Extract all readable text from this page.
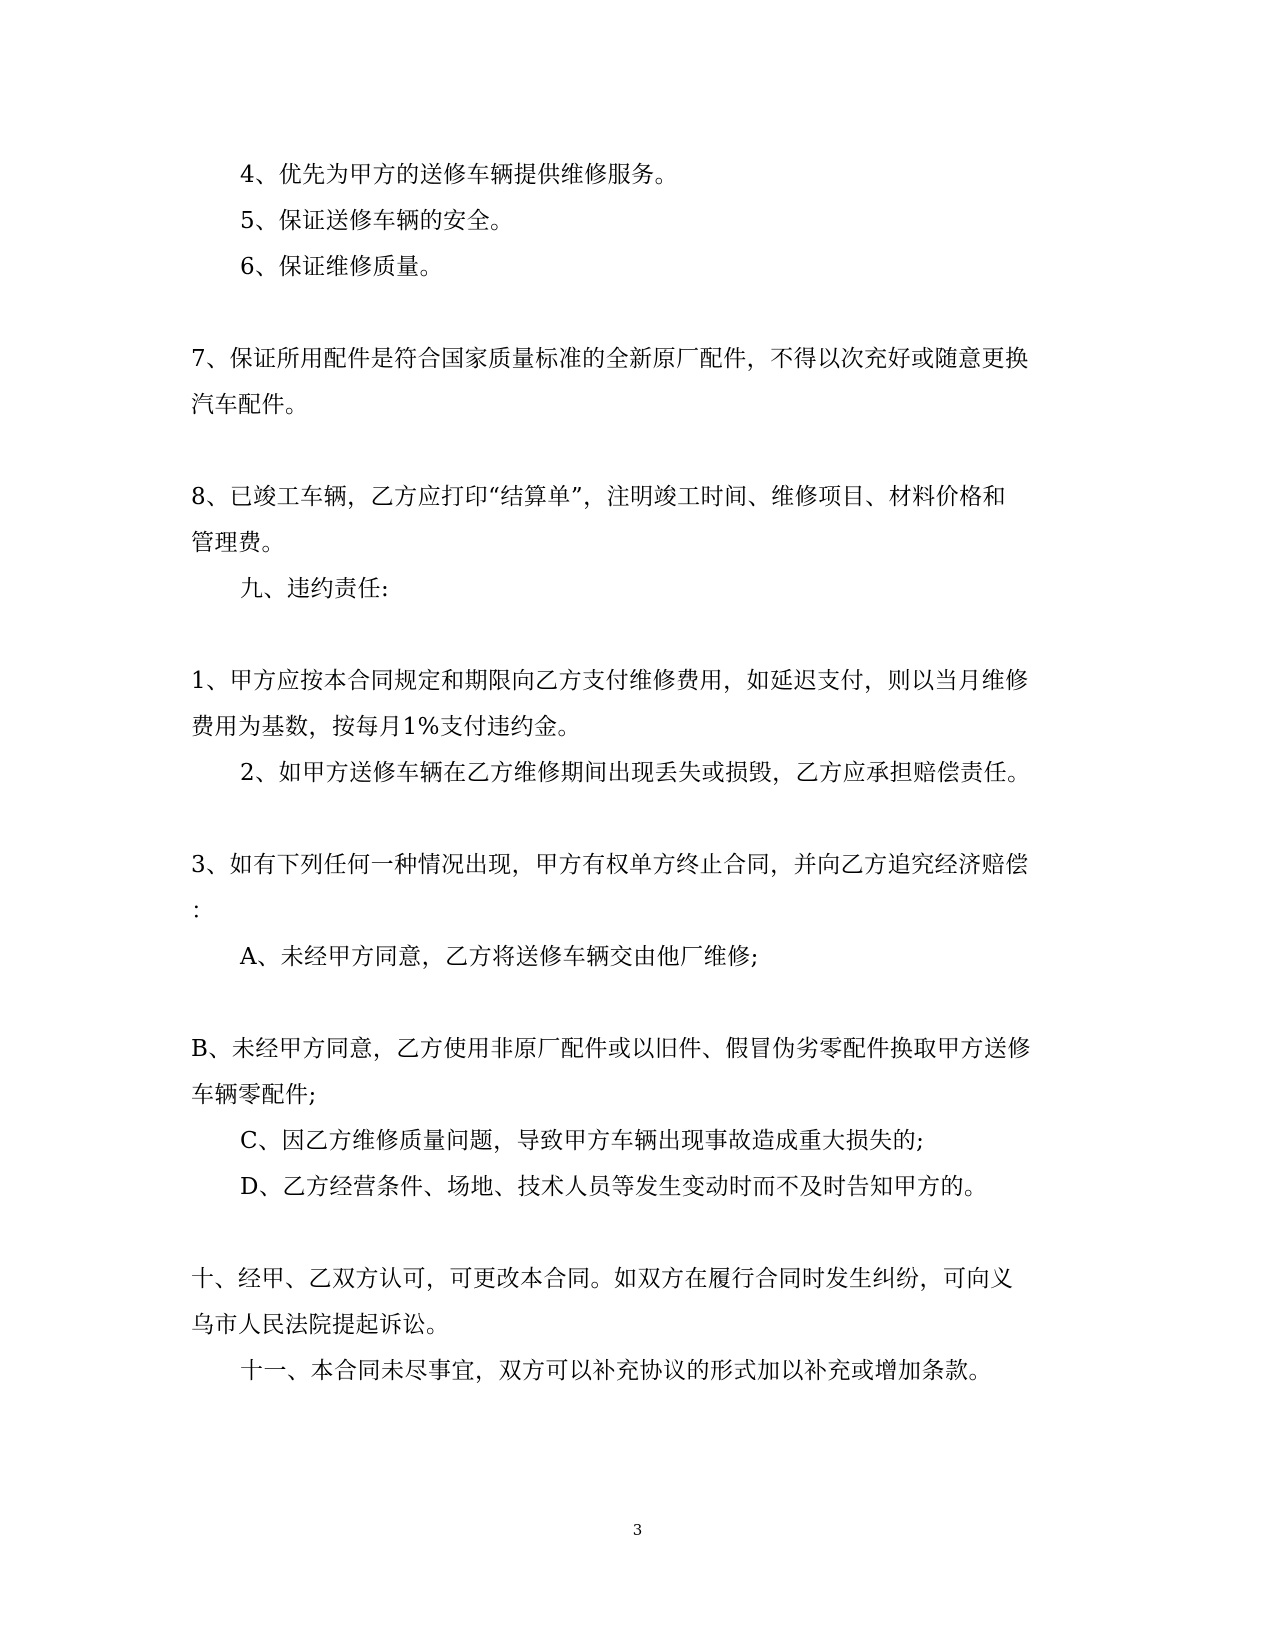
4、优先为甲方的送修车辆提供维修服务。
5、保证送修车辆的安全。
6、保证维修质量。
7、保证所用配件是符合国家质量标准的全新原厂配件，不得以次充好或随意更换
汽车配件。
8、已竣工车辆，乙方应打印“结算单”，注明竣工时间、维修项目、材料价格和
管理费。
九、违约责任:
1、甲方应按本合同规定和期限向乙方支付维修费用，如延迟支付，则以当月维修
费用为基数，按每月1%支付违约金。
2、如甲方送修车辆在乙方维修期间出现丢失或损毁，乙方应承担赔偿责任。
3、如有下列任何一种情况出现，甲方有权单方终止合同，并向乙方追究经济赔偿
：
A、未经甲方同意，乙方将送修车辆交由他厂维修;
B、未经甲方同意，乙方使用非原厂配件或以旧件、假冒伪劣零配件换取甲方送修
车辆零配件;
C、因乙方维修质量问题，导致甲方车辆出现事故造成重大损失的;
D、乙方经营条件、场地、技术人员等发生变动时而不及时告知甲方的。
十、经甲、乙双方认可，可更改本合同。如双方在履行合同时发生纠纷，可向义
乌市人民法院提起诉讼。
十一、本合同未尽事宜，双方可以补充协议的形式加以补充或增加条款。
3
